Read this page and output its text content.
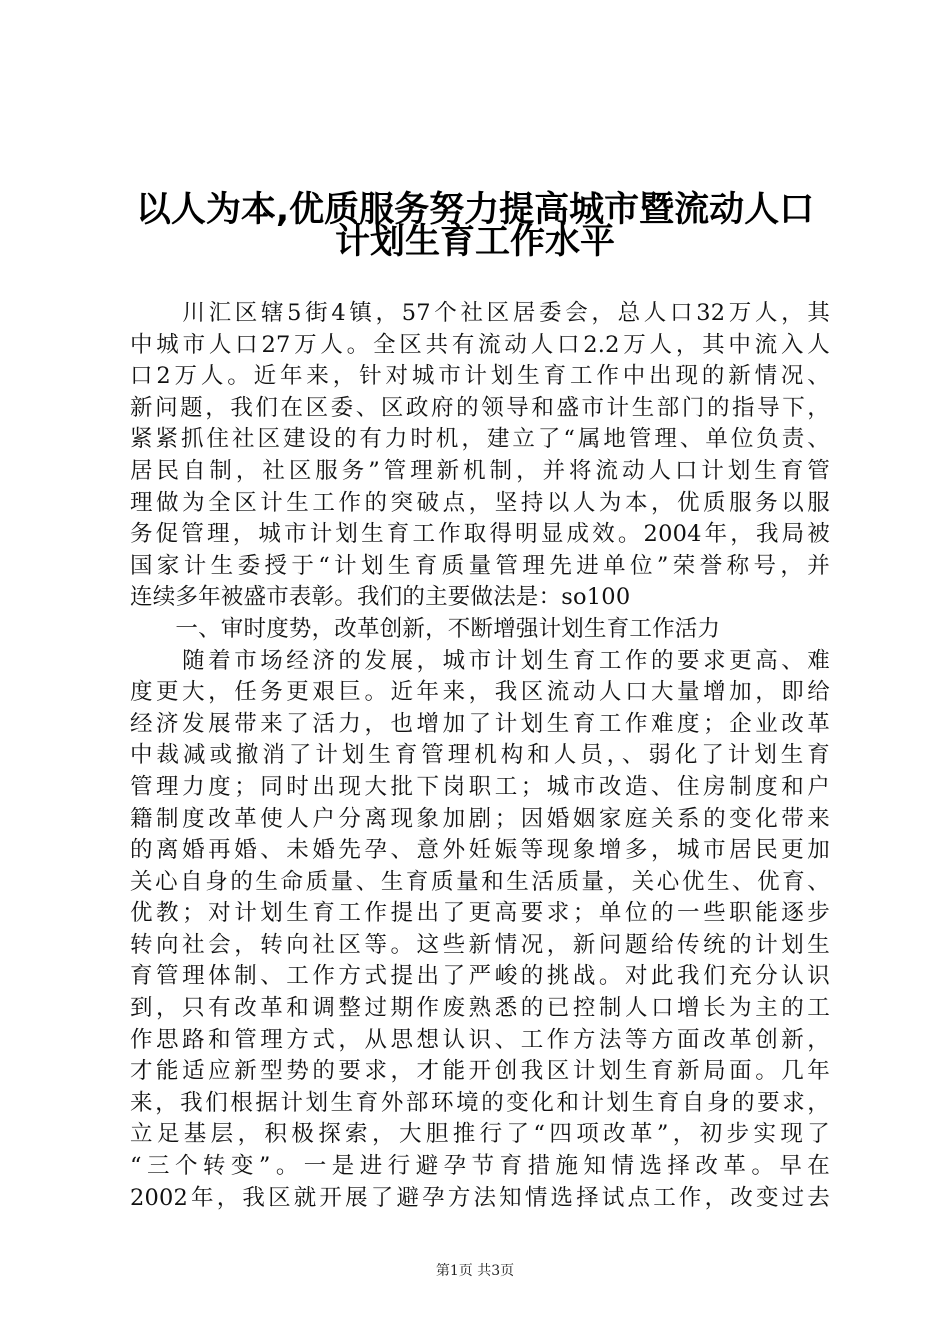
以人为本,优质服务努力提高城市暨流动人口
计划生育工作水平
　　川汇区辖5街4镇，57个社区居委会，总人口32万人，其
中城市人口27万人。全区共有流动人口2.2万人，其中流入人
口2万人。近年来，针对城市计划生育工作中出现的新情况、
新问题，我们在区委、区政府的领导和盛市计生部门的指导下，
紧紧抓住社区建设的有力时机，建立了“属地管理、单位负责、
居民自制，社区服务”管理新机制，并将流动人口计划生育管
理做为全区计生工作的突破点，坚持以人为本，优质服务以服
务促管理，城市计划生育工作取得明显成效。2004年，我局被
国家计生委授于“计划生育质量管理先进单位”荣誉称号，并
连续多年被盛市表彰。我们的主要做法是：so100
　　一、审时度势，改革创新，不断增强计划生育工作活力
　　随着市场经济的发展，城市计划生育工作的要求更高、难
度更大，任务更艰巨。近年来，我区流动人口大量增加，即给
经济发展带来了活力，也增加了计划生育工作难度；企业改革
中裁减或撤消了计划生育管理机构和人员，、弱化了计划生育
管理力度；同时出现大批下岗职工；城市改造、住房制度和户
籍制度改革使人户分离现象加剧；因婚姻家庭关系的变化带来
的离婚再婚、未婚先孕、意外妊娠等现象增多，城市居民更加
关心自身的生命质量、生育质量和生活质量，关心优生、优育、
优教；对计划生育工作提出了更高要求；单位的一些职能逐步
转向社会，转向社区等。这些新情况，新问题给传统的计划生
育管理体制、工作方式提出了严峻的挑战。对此我们充分认识
到，只有改革和调整过期作废熟悉的已控制人口增长为主的工
作思路和管理方式，从思想认识、工作方法等方面改革创新，
才能适应新型势的要求，才能开创我区计划生育新局面。几年
来，我们根据计划生育外部环境的变化和计划生育自身的要求，
立足基层，积极探索，大胆推行了“四项改革”，初步实现了
“三个转变”。一是进行避孕节育措施知情选择改革。早在
2002年，我区就开展了避孕方法知情选择试点工作，改变过去
第1页 共3页
